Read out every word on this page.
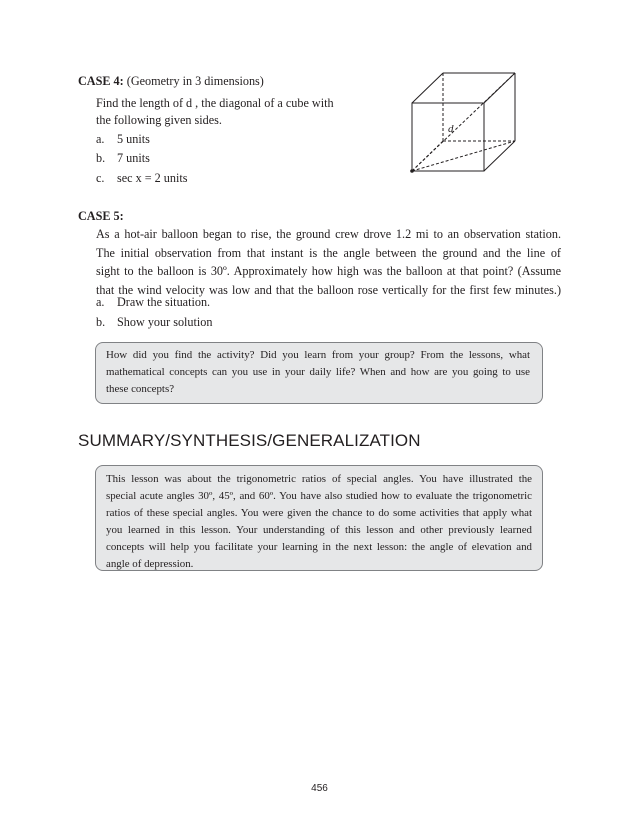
CASE 4: (Geometry in 3 dimensions)
Find the length of d , the diagonal of a cube with
the following given sides.
a. 5 units
b. 7 units
c. sec x = 2 units
d
CASE 5:
As a hot-air balloon began to rise, the ground crew drove 1.2 mi to an observation station.
The initial observation from that instant is the angle between the ground and the line of
sight to the balloon is 30º. Approximately how high was the balloon at that point? (Assume
that the wind velocity was low and that the balloon rose vertically for the first few minutes.)
a. Draw the situation.
b. Show your solution
How did you find the activity? Did you learn from your group? From the lessons, what
mathematical concepts can you use in your daily life? When and how are you going to use
these concepts?
SUMMARY/SYNTHESIS/GENERALIZATION
This lesson was about the trigonometric ratios of special angles. You have illustrated the
special acute angles 30º, 45º, and 60º. You have also studied how to evaluate the trigonometric
ratios of these special angles. You were given the chance to do some activities that apply what
you learned in this lesson. Your understanding of this lesson and other previously learned
concepts will help you facilitate your learning in the next lesson: the angle of elevation and
angle of depression.
456
